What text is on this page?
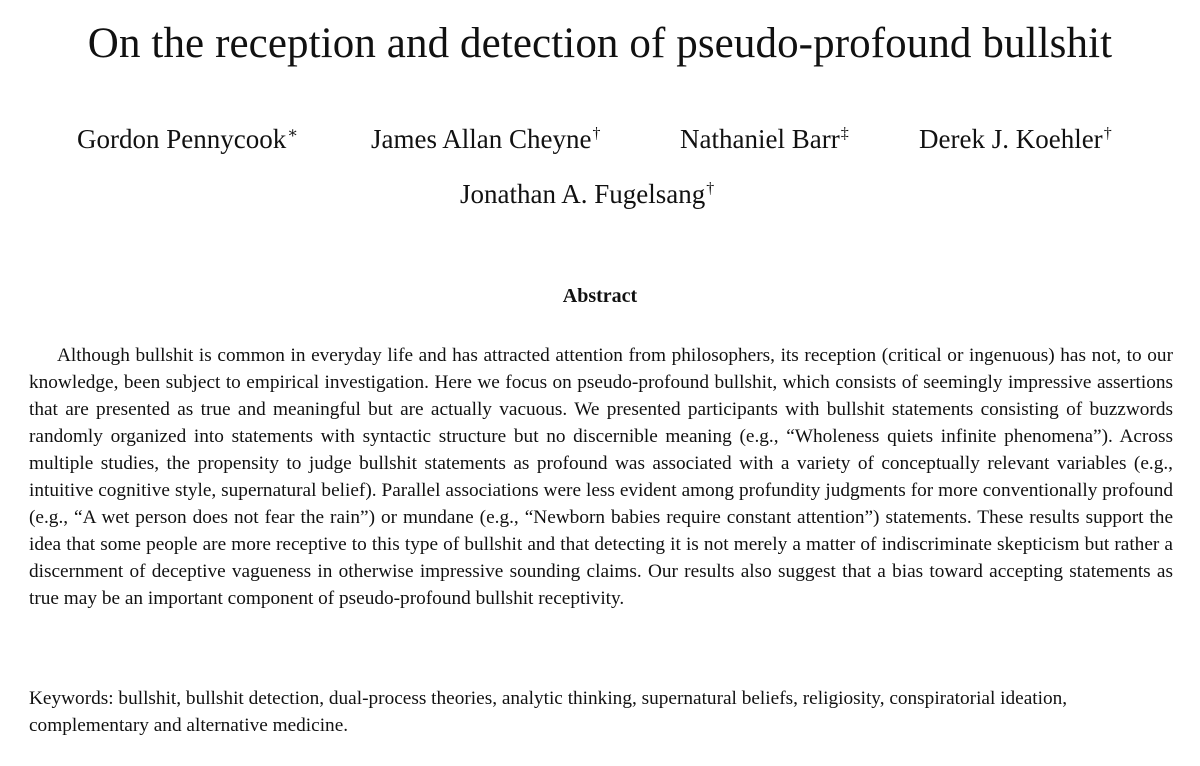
On the reception and detection of pseudo-profound bullshit
Gordon Pennycook∗	James Allan Cheyne†	Nathaniel Barr‡	Derek J. Koehler†
Jonathan A. Fugelsang†
Abstract

Although bullshit is common in everyday life and has attracted attention from philosophers, its reception (critical or ingenuous) has not, to our knowledge, been subject to empirical investigation. Here we focus on pseudo-profound bullshit, which consists of seemingly impressive assertions that are presented as true and meaningful but are actually vacuous. We presented participants with bullshit statements consisting of buzzwords randomly organized into statements with syntactic structure but no discernible meaning (e.g., “Wholeness quiets infinite phenomena”). Across multiple studies, the propensity to judge bullshit statements as profound was associated with a variety of conceptually relevant variables (e.g., intuitive cognitive style, supernatural belief). Parallel associations were less evident among profundity judgments for more conventionally profound (e.g., “A wet person does not fear the rain”) or mundane (e.g., “Newborn babies require constant attention”) statements. These results support the idea that some people are more receptive to this type of bullshit and that detecting it is not merely a matter of indiscriminate skepticism but rather a discernment of deceptive vagueness in otherwise impressive sounding claims. Our results also suggest that a bias toward accepting statements as true may be an important component of pseudo-profound bullshit receptivity.

Keywords: bullshit, bullshit detection, dual-process theories, analytic thinking, supernatural beliefs, religiosity, conspiratorial ideation, complementary and alternative medicine.
